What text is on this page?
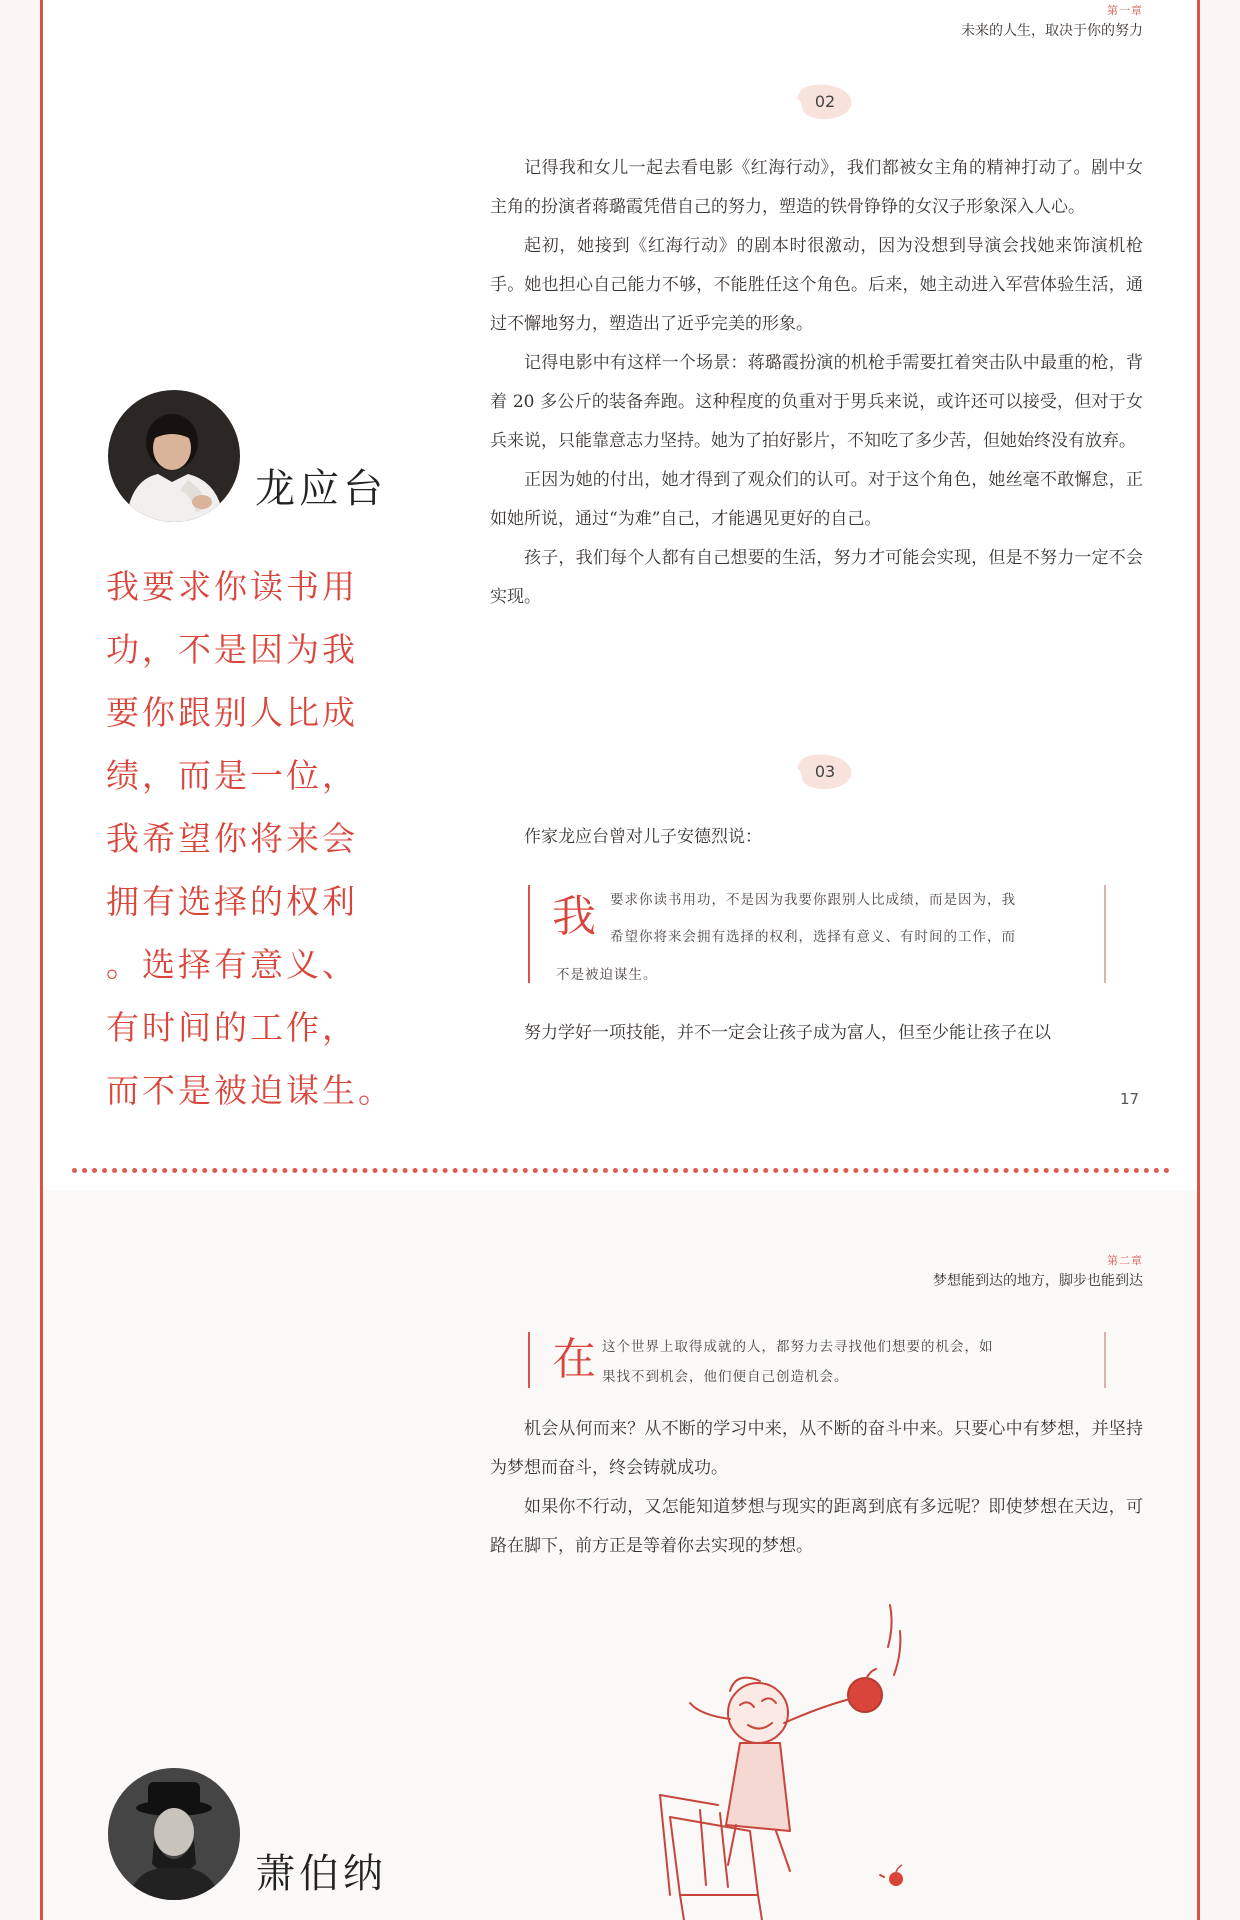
第一章
未来的人生，取决于你的努力
02

记得我和女儿一起去看电影《红海行动》，我们都被女主角的精神打动了。剧中女主角的扮演者蒋璐霞凭借自己的努力，塑造的铁骨铮铮的女汉子形象深入人心。

起初，她接到《红海行动》的剧本时很激动，因为没想到导演会找她来饰演机枪手。她也担心自己能力不够，不能胜任这个角色。后来，她主动进入军营体验生活，通过不懈地努力，塑造出了近乎完美的形象。

记得电影中有这样一个场景：蒋璐霞扮演的机枪手需要扛着突击队中最重的枪，背着 20 多公斤的装备奔跑。这种程度的负重对于男兵来说，或许还可以接受，但对于女兵来说，只能靠意志力坚持。她为了拍好影片，不知吃了多少苦，但她始终没有放弃。

正因为她的付出，她才得到了观众们的认可。对于这个角色，她丝毫不敢懈怠，正如她所说，通过“为难”自己，才能遇见更好的自己。

孩子，我们每个人都有自己想要的生活，努力才可能会实现，但是不努力一定不会实现。

03

作家龙应台曾对儿子安德烈说：

我 要求你读书用功，不是因为我要你跟别人比成绩，而是因为，我
希望你将来会拥有选择的权利，选择有意义、有时间的工作，而
不是被迫谋生。

努力学好一项技能，并不一定会让孩子成为富人，但至少能让孩子在以

17
龙应台
我要求你读书用
功，不是因为我
要你跟别人比成
绩，而是一位，
我希望你将来会
拥有选择的权利
。选择有意义、
有时间的工作，
而不是被迫谋生。
第二章
梦想能到达的地方，脚步也能到达
在 这个世界上取得成就的人，都努力去寻找他们想要的机会，如
果找不到机会，他们便自己创造机会。

机会从何而来？从不断的学习中来，从不断的奋斗中来。只要心中有梦想，并坚持为梦想而奋斗，终会铸就成功。

如果你不行动，又怎能知道梦想与现实的距离到底有多远呢？即使梦想在天边，可路在脚下，前方正是等着你去实现的梦想。

萧伯纳
